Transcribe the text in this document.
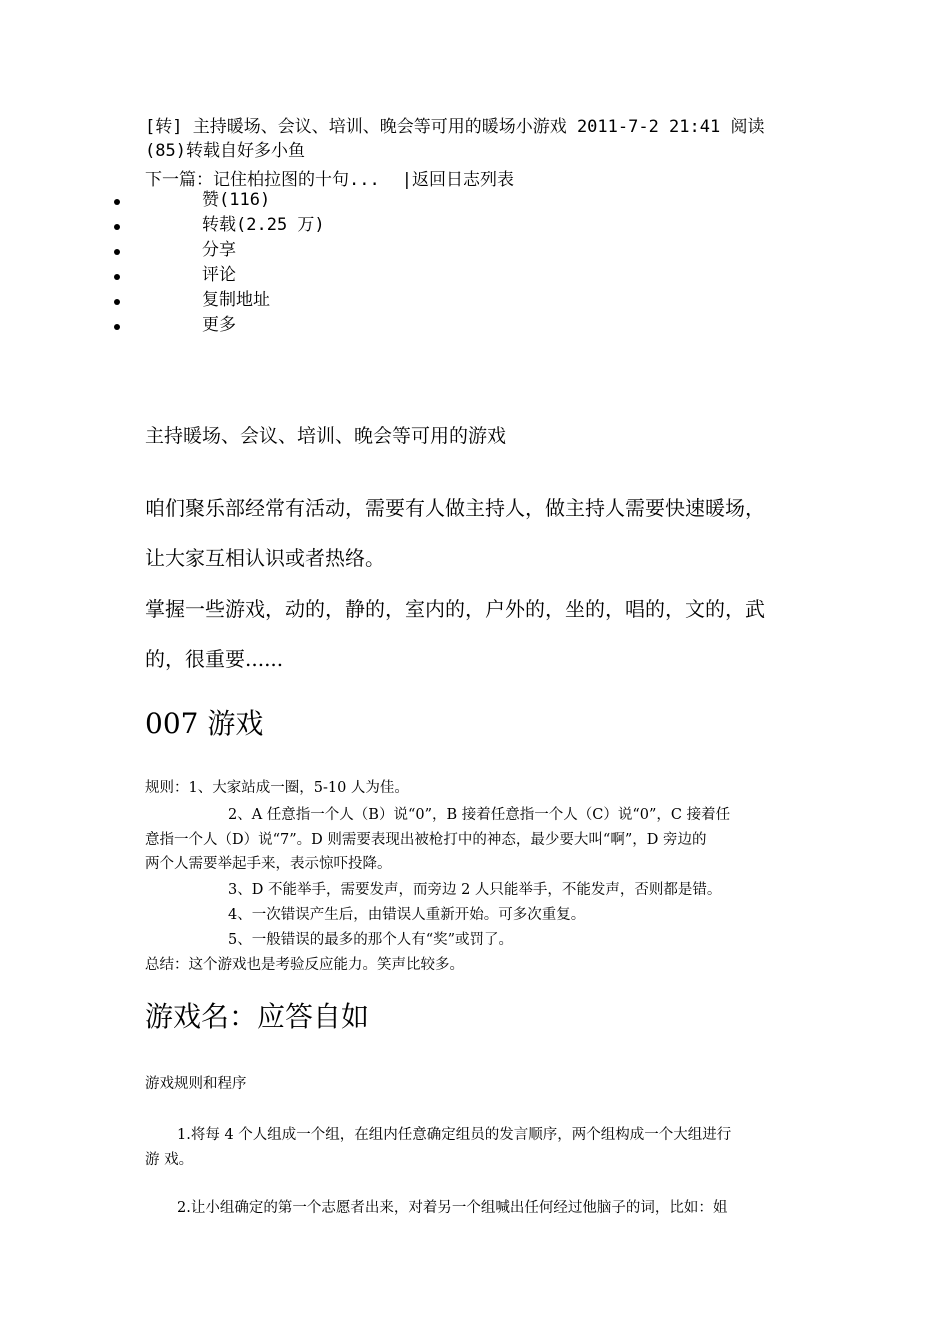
[转] 主持暖场、会议、培训、晚会等可用的暖场小游戏 2011-7-2 21:41 阅读
(85)转载自好多小鱼
下一篇：记住柏拉图的十句... |返回日志列表
赞(116)
转载(2.25 万)
分享
评论
复制地址
更多
主持暖场、会议、培训、晚会等可用的游戏
咱们聚乐部经常有活动，需要有人做主持人，做主持人需要快速暖场，
让大家互相认识或者热络。
掌握一些游戏，动的，静的，室内的，户外的，坐的，唱的，文的，武
的，很重要......
007 游戏
规则：1、大家站成一圈，5-10 人为佳。
2、A 任意指一个人（B）说“0”，B 接着任意指一个人（C）说“0”，C 接着任
意指一个人（D）说“7”。D 则需要表现出被枪打中的神态，最少要大叫“啊”，D 旁边的
两个人需要举起手来，表示惊吓投降。
3、D 不能举手，需要发声，而旁边 2 人只能举手，不能发声，否则都是错。
4、一次错误产生后，由错误人重新开始。可多次重复。
5、一般错误的最多的那个人有“奖”或罚了。
总结：这个游戏也是考验反应能力。笑声比较多。
游戏名：应答自如
游戏规则和程序
1.将每 4 个人组成一个组，在组内任意确定组员的发言顺序，两个组构成一个大组进行
游 戏。
2.让小组确定的第一个志愿者出来，对着另一个组喊出任何经过他脑子的词，比如：姐
